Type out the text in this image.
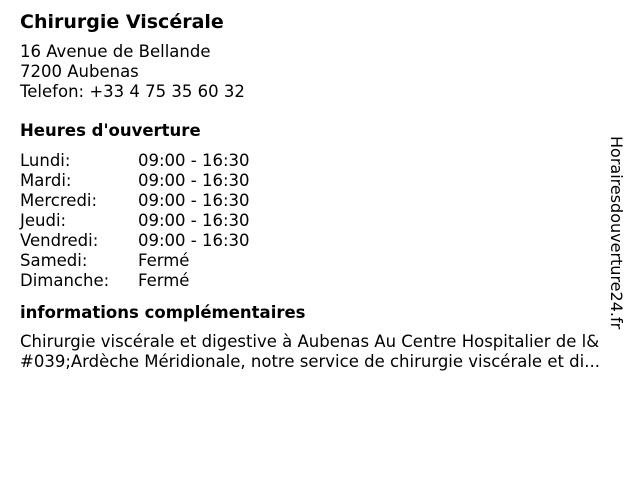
Chirurgie Viscérale
16 Avenue de Bellande
7200 Aubenas
Telefon: +33 4 75 35 60 32
Heures d'ouverture
Lundi:	09:00 - 16:30
Mardi:	09:00 - 16:30
Mercredi:	09:00 - 16:30
Jeudi:	09:00 - 16:30
Vendredi:	09:00 - 16:30
Samedi:	Fermé
Dimanche:	Fermé
informations complémentaires
Chirurgie viscérale et digestive à Aubenas Au Centre Hospitalier de l&
#039;Ardèche Méridionale, notre service de chirurgie viscérale et di...
Horairesdouverture24.fr
